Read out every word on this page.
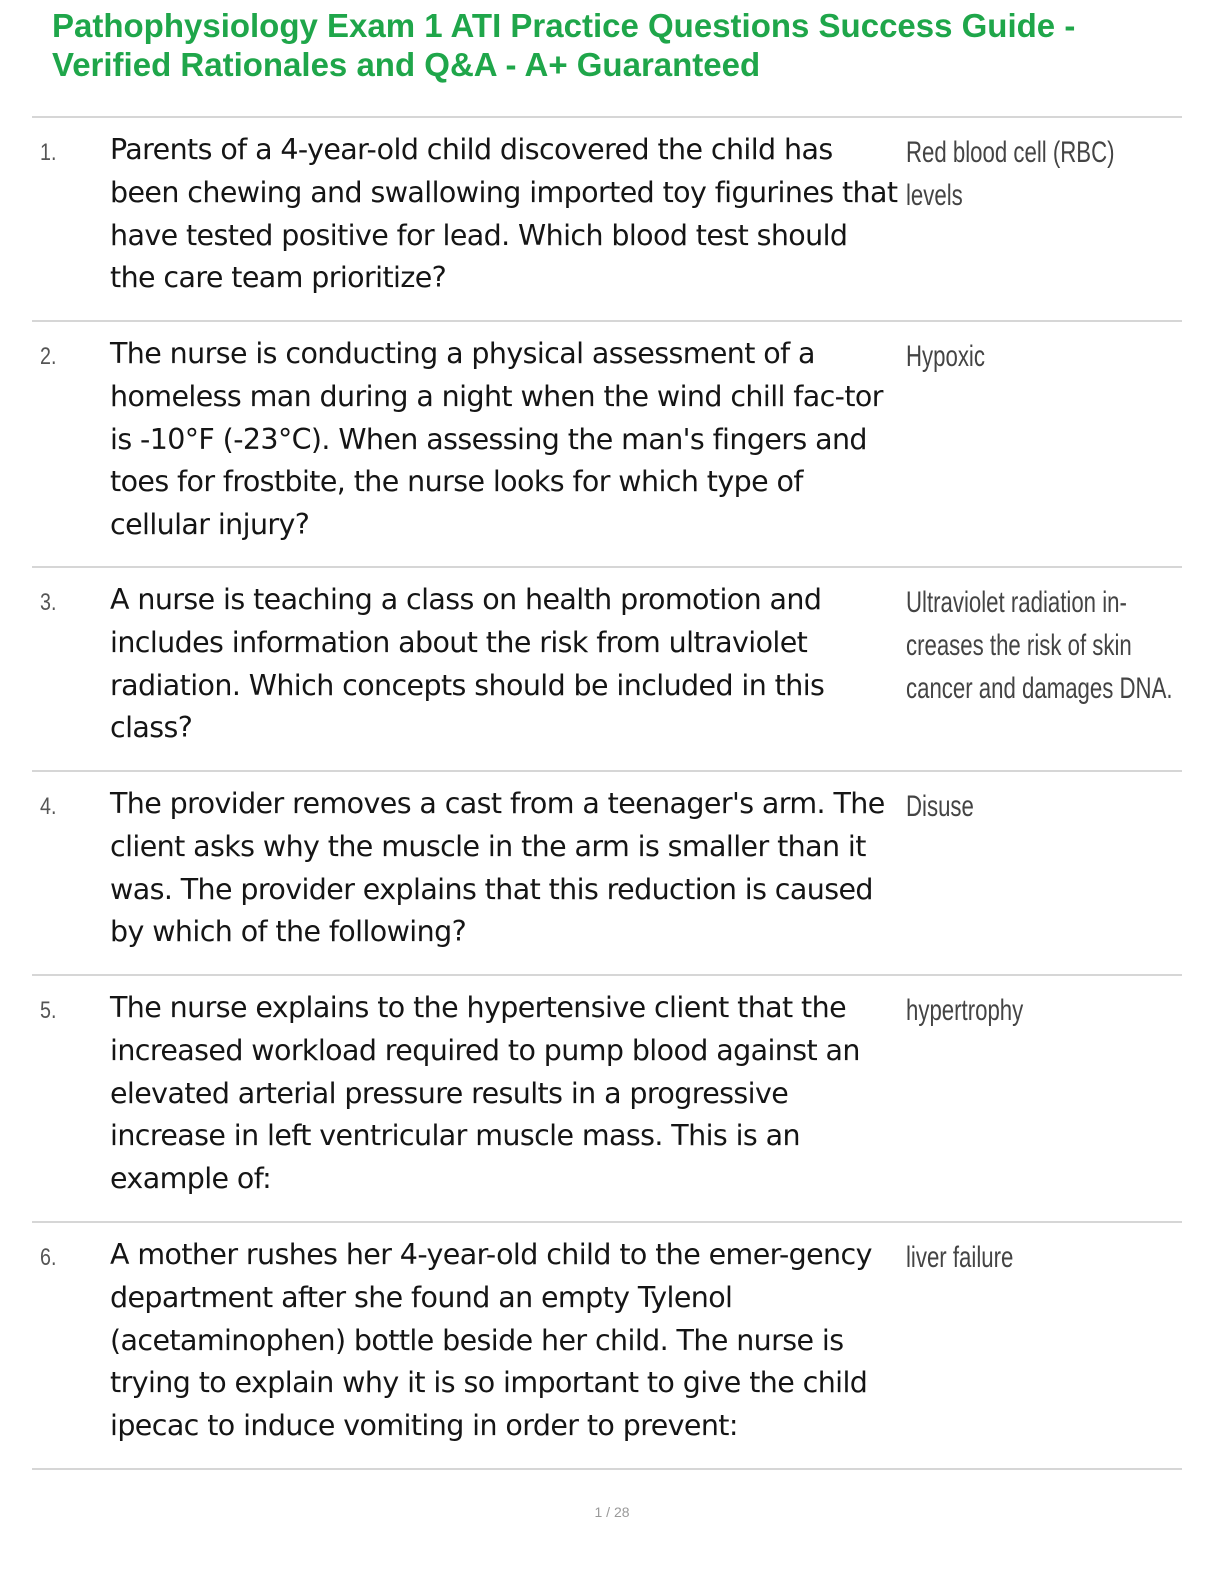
Pathophysiology Exam 1 ATI Practice Questions Success Guide - Verified Rationales and Q&A - A+ Guaranteed
1. Parents of a 4-year-old child discovered the child has been chewing and swallowing imported toy figurines that have tested positive for lead. Which blood test should the care team prioritize?
Red blood cell (RBC) levels
2. The nurse is conducting a physical assessment of a homeless man during a night when the wind chill fac-tor is -10°F (-23°C). When assessing the man's fingers and toes for frostbite, the nurse looks for which type of cellular injury?
Hypoxic
3. A nurse is teaching a class on health promotion and includes information about the risk from ultraviolet radiation. Which concepts should be included in this class?
Ultraviolet radiation in-creases the risk of skin cancer and damages DNA.
4. The provider removes a cast from a teenager's arm. The client asks why the muscle in the arm is smaller than it was. The provider explains that this reduction is caused by which of the following?
Disuse
5. The nurse explains to the hypertensive client that the increased workload required to pump blood against an elevated arterial pressure results in a progressive increase in left ventricular muscle mass. This is an example of:
hypertrophy
6. A mother rushes her 4-year-old child to the emer-gency department after she found an empty Tylenol (acetaminophen) bottle beside her child. The nurse is trying to explain why it is so important to give the child ipecac to induce vomiting in order to prevent:
liver failure
1 / 28
